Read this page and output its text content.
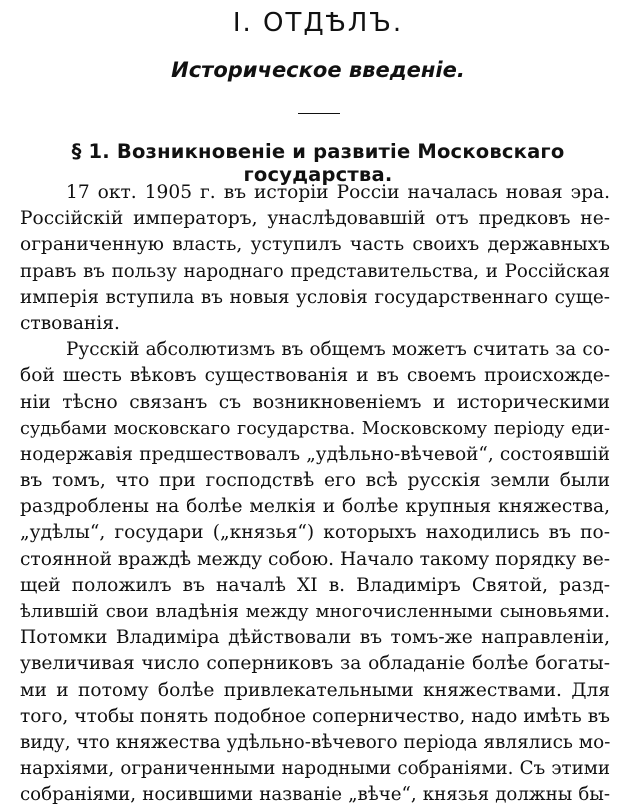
I. ОТДѢЛЪ.
Историческое введеніе.
§ 1. Возникновеніе и развитіе Московскаго государства.
17 окт. 1905 г. въ исторіи Россіи началась новая эра.
Россійскій императоръ, унаслѣдовавшій отъ предковъ не-
ограниченную власть, уступилъ часть своихъ державныхъ
правъ въ пользу народнаго представительства, и Россійская
имперія вступила въ новыя условія государственнаго суще-
ствованія.
Русскій абсолютизмъ въ общемъ можетъ считать за со-
бой шесть вѣковъ существованія и въ своемъ происхожде-
ніи тѣсно связанъ съ возникновеніемъ и историческими
судьбами московскаго государства. Московскому періоду еди-
нодержавія предшествовалъ „удѣльно-вѣчевой“, состоявшій
въ томъ, что при господствѣ его всѣ русскія земли были
раздроблены на болѣе мелкія и болѣе крупныя княжества,
„удѣлы“, государи („князья“) которыхъ находились въ по-
стоянной враждѣ между собою. Начало такому порядку ве-
щей положилъ въ началѣ XI в. Владиміръ Святой, разд-
ѣлившій свои владѣнія между многочисленными сыновьями.
Потомки Владиміра дѣйствовали въ томъ-же направленіи,
увеличивая число соперниковъ за обладаніе болѣе богаты-
ми и потому болѣе привлекательными княжествами. Для
того, чтобы понять подобное соперничество, надо имѣть въ
виду, что княжества удѣльно-вѣчевого періода являлись мо-
нархіями, ограниченными народными собраніями. Съ этими
собраніями, носившими названіе „вѣче“, князья должны бы-
